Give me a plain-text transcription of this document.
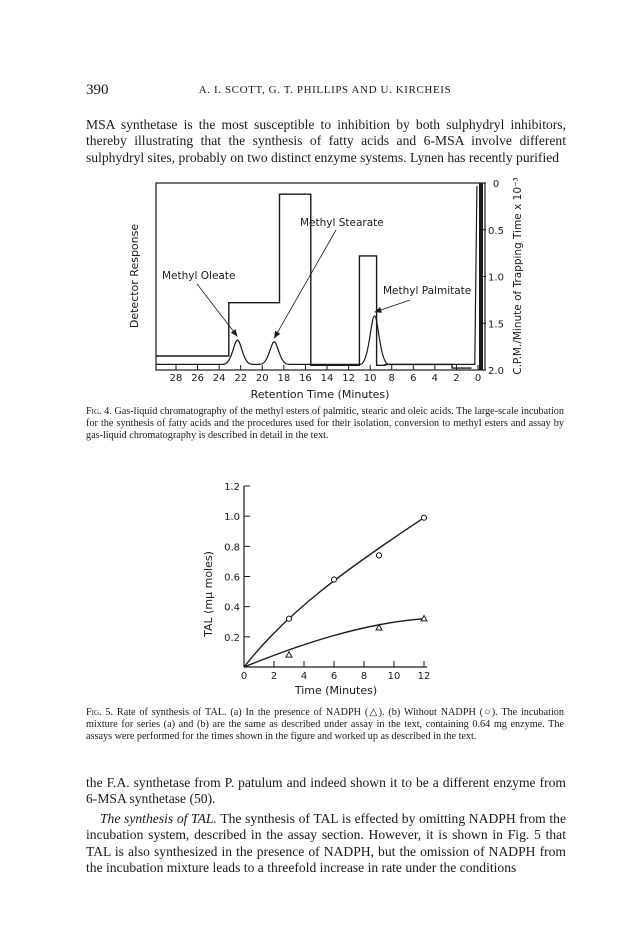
390	A. I. SCOTT, G. T. PHILLIPS AND U. KIRCHEIS

MSA synthetase is the most susceptible to inhibition by both sulphydryl inhibitors, thereby illustrating that the synthesis of fatty acids and 6-MSA involve different sulphydryl sites, probably on two distinct enzyme systems. Lynen has recently purified

28 26 24 22 20 18 16 14 12 10 8 6 4 2 0
2.0
1.5
1.0
0.5
0
Methyl Oleate
Methyl Stearate
Methyl Palmitate
Retention Time (Minutes)
Detector Response	C.P.M./Minute of Trapping Time x 10⁻³

Fig. 4. Gas-liquid chromatography of the methyl esters of palmitic, stearic and oleic acids. The large-scale incubation for the synthesis of fatty acids and the procedures used for their isolation, conversion to methyl esters and assay by gas-liquid chromatography is described in detail in the text.

0 2 4 6 8 10 12
0.2
0.4
0.6
0.8
1.0
1.2
Time (Minutes)
TAL (mμ moles)

Fig. 5. Rate of synthesis of TAL. (a) In the presence of NADPH (△). (b) Without NADPH (○). The incubation mixture for series (a) and (b) are the same as described under assay in the text, containing 0.64 mg enzyme. The assays were performed for the times shown in the figure and worked up as described in the text.

the F.A. synthetase from P. patulum and indeed shown it to be a different enzyme from 6-MSA synthetase (50).

The synthesis of TAL. The synthesis of TAL is effected by omitting NADPH from the incubation system, described in the assay section. However, it is shown in Fig. 5 that TAL is also synthesized in the presence of NADPH, but the omission of NADPH from the incubation mixture leads to a threefold increase in rate under the conditions
